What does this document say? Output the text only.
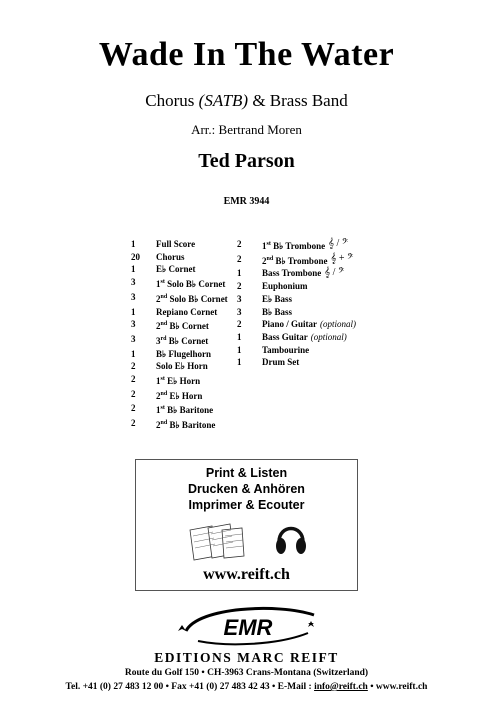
Wade In The Water
Chorus (SATB) & Brass Band
Arr.: Bertrand Moren
Ted Parson
EMR 3944
1	Full Score
20	Chorus
1	E♭ Cornet
3	1st Solo B♭ Cornet
3	2nd Solo B♭ Cornet
1	Repiano Cornet
3	2nd B♭ Cornet
3	3rd B♭ Cornet
1	B♭ Flugelhorn
2	Solo E♭ Horn
2	1st E♭ Horn
2	2nd E♭ Horn
2	1st B♭ Baritone
2	2nd B♭ Baritone
2	1st B♭ Trombone 𝄞 / 𝄢
2	2nd B♭ Trombone 𝄞 + 𝄢
1	Bass Trombone 𝄞 / 𝄢
2	Euphonium
3	E♭ Bass
3	B♭ Bass
2	Piano / Guitar (optional)
1	Bass Guitar (optional)
1	Tambourine
1	Drum Set
Print & Listen
Drucken & Anhören
Imprimer & Ecouter
www.reift.ch
EMR
EDITIONS MARC REIFT
Route du Golf 150 • CH-3963 Crans-Montana (Switzerland)
Tel. +41 (0) 27 483 12 00 • Fax +41 (0) 27 483 42 43 • E-Mail : info@reift.ch • www.reift.ch
